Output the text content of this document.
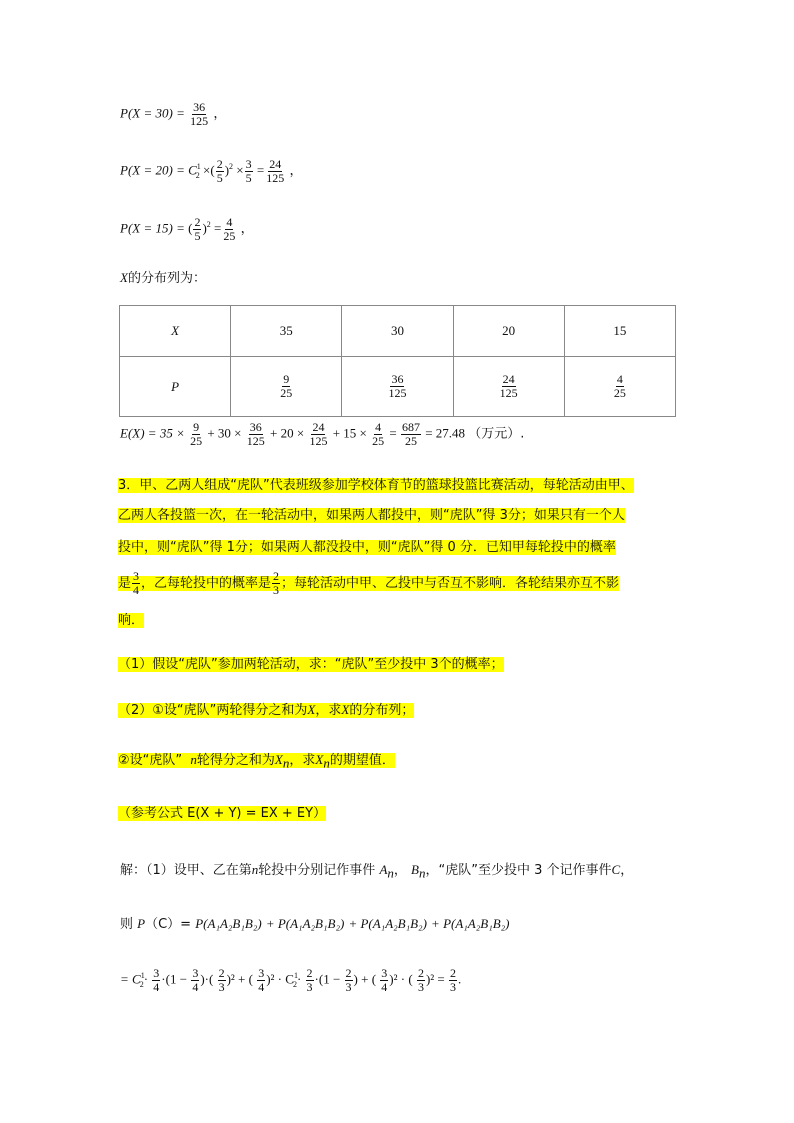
$P(X = 30) = \frac{36}{125}$ ，
$P(X = 20) = C^1_2$ ×( $\frac{2}{5} )^2 \times \frac{3}{5} = \frac{24}{125}$ ，
P(X = 15) = ( $\frac{2}{5} )^2 = \frac{4}{25}$ ，
X的分布列为：
X	35	30	20	15
P	$\frac{9}{25}$	$\frac{36}{125}$	$\frac{24}{125}$	$\frac{4}{25}$
$E(X) = 35 \times \frac{9}{25} + 30 \times \frac{36}{125} + 20 \times \frac{24}{125} + 15 \times \frac{4}{25} = \frac{687}{25} = 27.48$ （万元）.
3．甲、乙两人组成“虎队”代表班级参加学校体育节的篮球投篮比赛活动，每轮活动由甲、
乙两人各投篮一次，在一轮活动中，如果两人都投中，则“虎队”得 3分；如果只有一个人
投中，则“虎队”得 1分；如果两人都没投中，则“虎队”得 0 分．已知甲每轮投中的概率
是 $\frac{3}{4}$ ，乙每轮投中的概率是 $\frac{2}{3}$ ；每轮活动中甲、乙投中与否互不影响．各轮结果亦互不影
响．
（1）假设“虎队”参加两轮活动，求：“虎队”至少投中 3个的概率；
（2）①设“虎队”两轮得分之和为X，求X的分布列；
②设“虎队” n轮得分之和为$X_n$，求$X_n$的期望值．
（参考公式 E(X + Y) = EX + EY）
解：（1）设甲、乙在第n轮投中分别记作事件 $A_n$， $B_n$，“虎队”至少投中 3 个记作事件C，
则 P（C）= P(A₁A₂B₁B₂) + P(A₁A₂B₁B₂) + P(A₁A₂B₁B₂) + P(A₁A₂B₁B₂)
= $C^1_2\cdot \frac{3}{4} \cdot(1 - \frac{3}{4}$ )·( $\frac{2}{3} )^2$ + ( $\frac{3}{4} )^2 \cdot C^1_2\cdot \frac{2}{3} \cdot(1 - \frac{2}{3}$ ) + ( $\frac{3}{4} )^2$ · ( $\frac{2}{3} )^2 = \frac{2}{3}$ .
